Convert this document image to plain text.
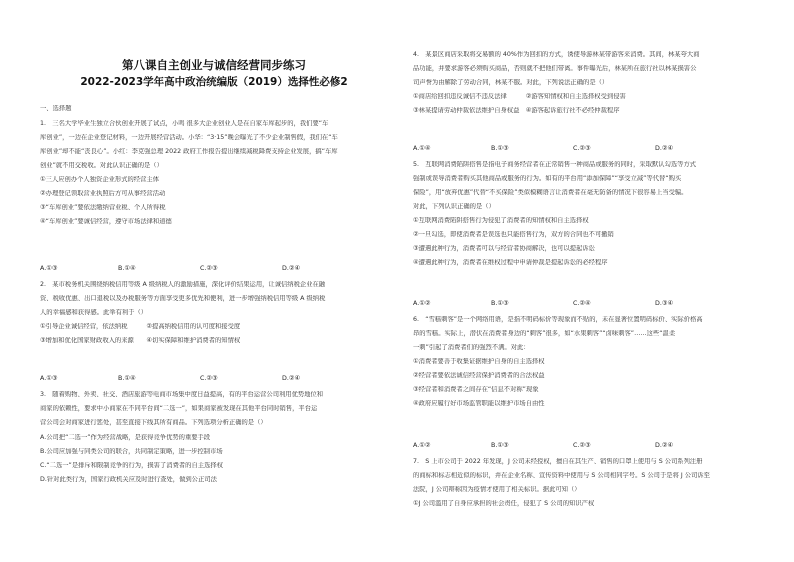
第八课自主创业与诚信经营同步练习
2022-2023学年高中政治统编版（2019）选择性必修2
一、选择题
1.　三名大学毕业生独立合伙创业开展了试点，小鸣 很多大企业创业人是在自家车库起步的，我们要“车
库创业”，一边在企业登记材料，一边开展经营活动。小华：“3·15”晚会曝光了不少企业制售假，我们在“车
库创业”却不能“丧良心”。小红：李克强总理 2022 政府工作报告提出继续减税降费支持企业发展，搞“车库
创业”就不用交税收。对此认识正确的是（）
①三人应创办个人独资企业形式的经营主体
②办理登记领取营业执照后方可从事经营活动
③“车库创业”要依法缴纳营业税、个人所得税
④“车库创业”要诚信经营，遵守市场法律和道德
A.①③	B.①④	C.②③	D.②④
2.　某市税务机关围绕纳税信用等级 A 级纳税人的激励措施，深化评价结果运用，让诚信纳税企业在融
资、税收优惠、出口退税以及办税服务等方面享受更多优先和便利，进一步增强纳税信用等级 A 级纳税
人的幸福感和获得感。此举有利于（）
①引导企业诚信经营，依法纳税　　　②提高纳税信用的认可度和接受度
③增加和优化国家财政收入的来源　　④切实保障和维护消费者的知情权
A.①③	B.①④	C.②③	D.②④
3.　随着购物、外卖、社交、酒店旅游等电商市场集中度日益提高，有的平台运营公司利用优势地位和
商家的依赖性，要求中小商家在不同平台间“二选一”，如果商家被发现在其他平台同时销售，平台运
营公司会对商家进行惩处，甚至直接下线其所有商品。下列选项分析正确的是（）
A.公司把“二选一”作为经营战略，是获得竞争优势的重要手段
B.公司应加强与同类公司的联合，共同制定策略，进一步控制市场
C.“二选一”是排斥和限制竞争的行为，损害了消费者的自主选择权
D.针对此类行为，国家行政机关应及时进行查处，做到公正司法
4.　某景区商店采取将交易额的 40%作为回扣的方式，诱使导游林某带游客来消费。其间，林某夸大商
品功能，并要求游客必须购买商品，否则就不把他们带离。事件曝光后，林某所在旅行社以林某损害公
司声誉为由解除了劳动合同，林某不服。对此，下列说法正确的是（）
①商店给回扣违反诚信不违反法律　　　②游客知情权和自主选择权受到侵害
③林某提请劳动仲裁依法维护自身权益　④游客起诉旅行社不必经仲裁程序
A.①④	B.①③	C.②③	D.②④
5.　互联网消费陷阱搭售是指电子商务经营者在正常销售一种商品或服务的同时，采取默认勾选等方式
强制或误导消费者购买其他商品或服务的行为。如有的平台用“添加保障”“享受立减”等代替“购买
保险”，用“放弃优惠”代替“不买保险”类似模糊语言让消费者在毫无防备的情况下很容易上当受骗。
对此，下列认识正确的是（）
①互联网消费陷阱搭售行为侵犯了消费者的知情权和自主选择权
②一旦勾选，即使消费者是误选也只能搭售行为，双方的合同也不可撤销
③遭遇此种行为，消费者可以与经营者协商解决，也可以提起诉讼
④遭遇此种行为，消费者在维权过程中申请仲裁是提起诉讼的必经程序
A.①②	B.①③	C.②④	D.③④
6.　“雪糕刺客”是一个网络用语，是指不明码标价等现象而不贴的，未在显著位置明码标价、实际价格高
昂的雪糕。实际上，潜伏在消费者身边的“刺客”很多，如“水果刺客”“卤味刺客”……这些“温柔
一刺”引起了消费者们的强烈不满。对此：
①消费者要善于收集证据维护自身的自主选择权
②经营者要依法诚信经营保护消费者的合法权益
③经营者和消费者之间存在“信息不对称”现象
④政府应履行好市场监管职能以维护市场自由性
A.①②	B.①③	C.②③	D.②④
7.　S 上市公司于 2022 年发现，J 公司未经授权，擅自在其生产、销售的口罩上使用与 S 公司系列注册
的商标和标志相近似的标识，并在企业名称、宣传资料中使用与 S 公司相同字号。S 公司于是将 J 公司诉至
法院，J 公司辩称因为疫情才使用了相关标识。据此可知（）
①J 公司滥用了自身应承担的社会责任，侵犯了 S 公司的知识产权
